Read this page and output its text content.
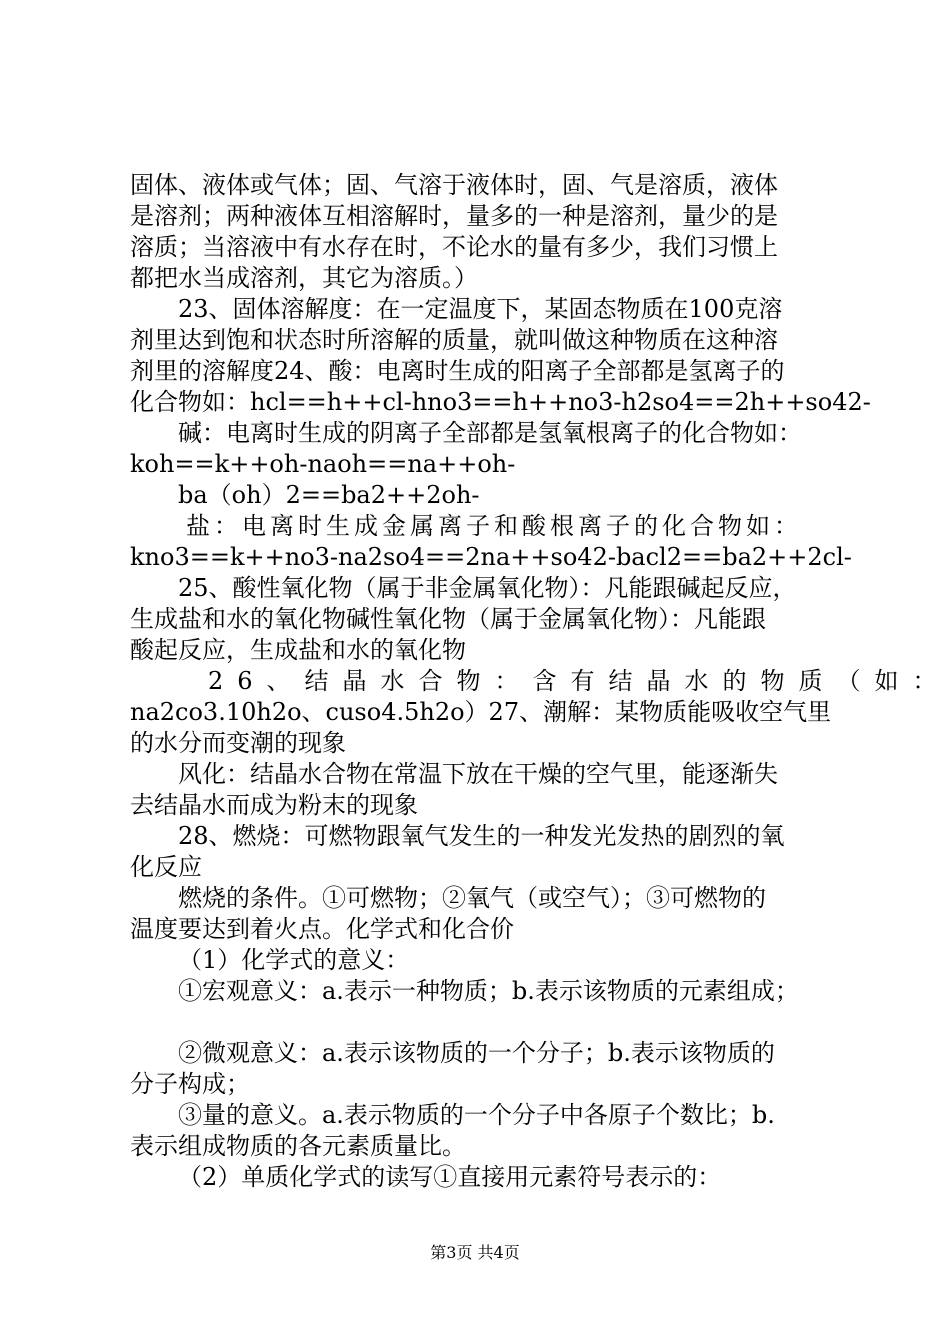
固体、液体或气体；固、气溶于液体时，固、气是溶质，液体
是溶剂；两种液体互相溶解时，量多的一种是溶剂，量少的是
溶质；当溶液中有水存在时，不论水的量有多少，我们习惯上
都把水当成溶剂，其它为溶质。）
23、固体溶解度：在一定温度下，某固态物质在100克溶
剂里达到饱和状态时所溶解的质量，就叫做这种物质在这种溶
剂里的溶解度24、酸：电离时生成的阳离子全部都是氢离子的
化合物如：hcl==h++cl-hno3==h++no3-h2so4==2h++so42-
碱：电离时生成的阴离子全部都是氢氧根离子的化合物如：
koh==k++oh-naoh==na++oh-
ba（oh）2==ba2++2oh-
盐：电离时生成金属离子和酸根离子的化合物如：
kno3==k++no3-na2so4==2na++so42-bacl2==ba2++2cl-
25、酸性氧化物（属于非金属氧化物）：凡能跟碱起反应，
生成盐和水的氧化物碱性氧化物（属于金属氧化物）：凡能跟
酸起反应，生成盐和水的氧化物
26、结晶水合物：含有结晶水的物质（如：
na2co3.10h2o、cuso4.5h2o）27、潮解：某物质能吸收空气里
的水分而变潮的现象
风化：结晶水合物在常温下放在干燥的空气里，能逐渐失
去结晶水而成为粉末的现象
28、燃烧：可燃物跟氧气发生的一种发光发热的剧烈的氧
化反应
燃烧的条件。①可燃物；②氧气（或空气）；③可燃物的
温度要达到着火点。化学式和化合价
（1）化学式的意义：
①宏观意义：a.表示一种物质；b.表示该物质的元素组成；
②微观意义：a.表示该物质的一个分子；b.表示该物质的
分子构成；
③量的意义。a.表示物质的一个分子中各原子个数比；b.
表示组成物质的各元素质量比。
（2）单质化学式的读写①直接用元素符号表示的：
第3页 共4页
